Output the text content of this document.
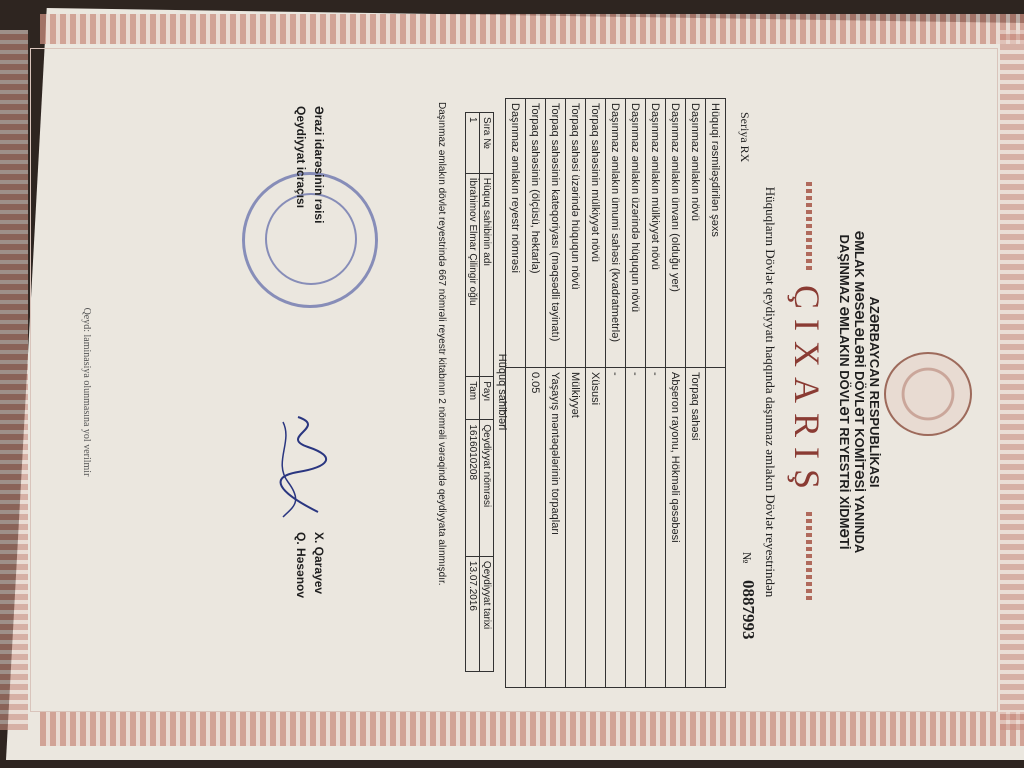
AZƏRBAYCAN RESPUBLİKASI
ƏMLAK MƏSƏLƏLƏRİ DÖVLƏT KOMİTƏSİ YANINDA
DAŞINMAZ ƏMLAKIN DÖVLƏT REYESTRİ XİDMƏTİ
ÇIXARIŞ
Hüquqların Dövlət qeydiyyatı haqqında daşınmaz əmlakın Dövlət reyestrindən
Seriya RX
№
0887993
Hüquqi rəsmiləşdirilən şəxs	
Daşınmaz əmlakın növü	Torpaq sahəsi
Daşınmaz əmlakın ünvanı (olduğu yer)	Abşeron rayonu, Hökməli qəsəbəsi
Daşınmaz əmlakın mülkiyyət növü	-
Daşınmaz əmlakın üzərində hüququn növü	-
Daşınmaz əmlakın ümumi sahəsi (kvadratmetrlə)	-
Torpaq sahəsinin mülkiyyət növü	Xüsusi
Torpaq sahəsi üzərində hüququn növü	Mülkiyyət
Torpaq sahəsinin kateqoriyası (məqsədli təyinatı)	Yaşayış məntəqələrinin torpaqları
Torpaq sahəsinin (ölçüsü, hektarla)	0.05
Daşınmaz əmlakın reyestr nömrəsi	
Hüquq sahibləri
Sıra №	Hüquq sahibinin adı	Payı	Qeydiyyat nömrəsi	Qeydiyyat tarixi
1	İbrahimov Elmar Çilingir oğlu	Tam	1616010208	13.07.2016
Daşınmaz əmlakın dövlət reyestrində 667 nömrəli reyestr kitabının 2 nömrəli vərəqində qeydiyyata alınmışdır.
Ərazi idarəsinin rəisi
Qeydiyyat icraçısı
X. Qarayev
Q. Həsənov
Qeyd: laminasiya olunmasına yol verilmir
